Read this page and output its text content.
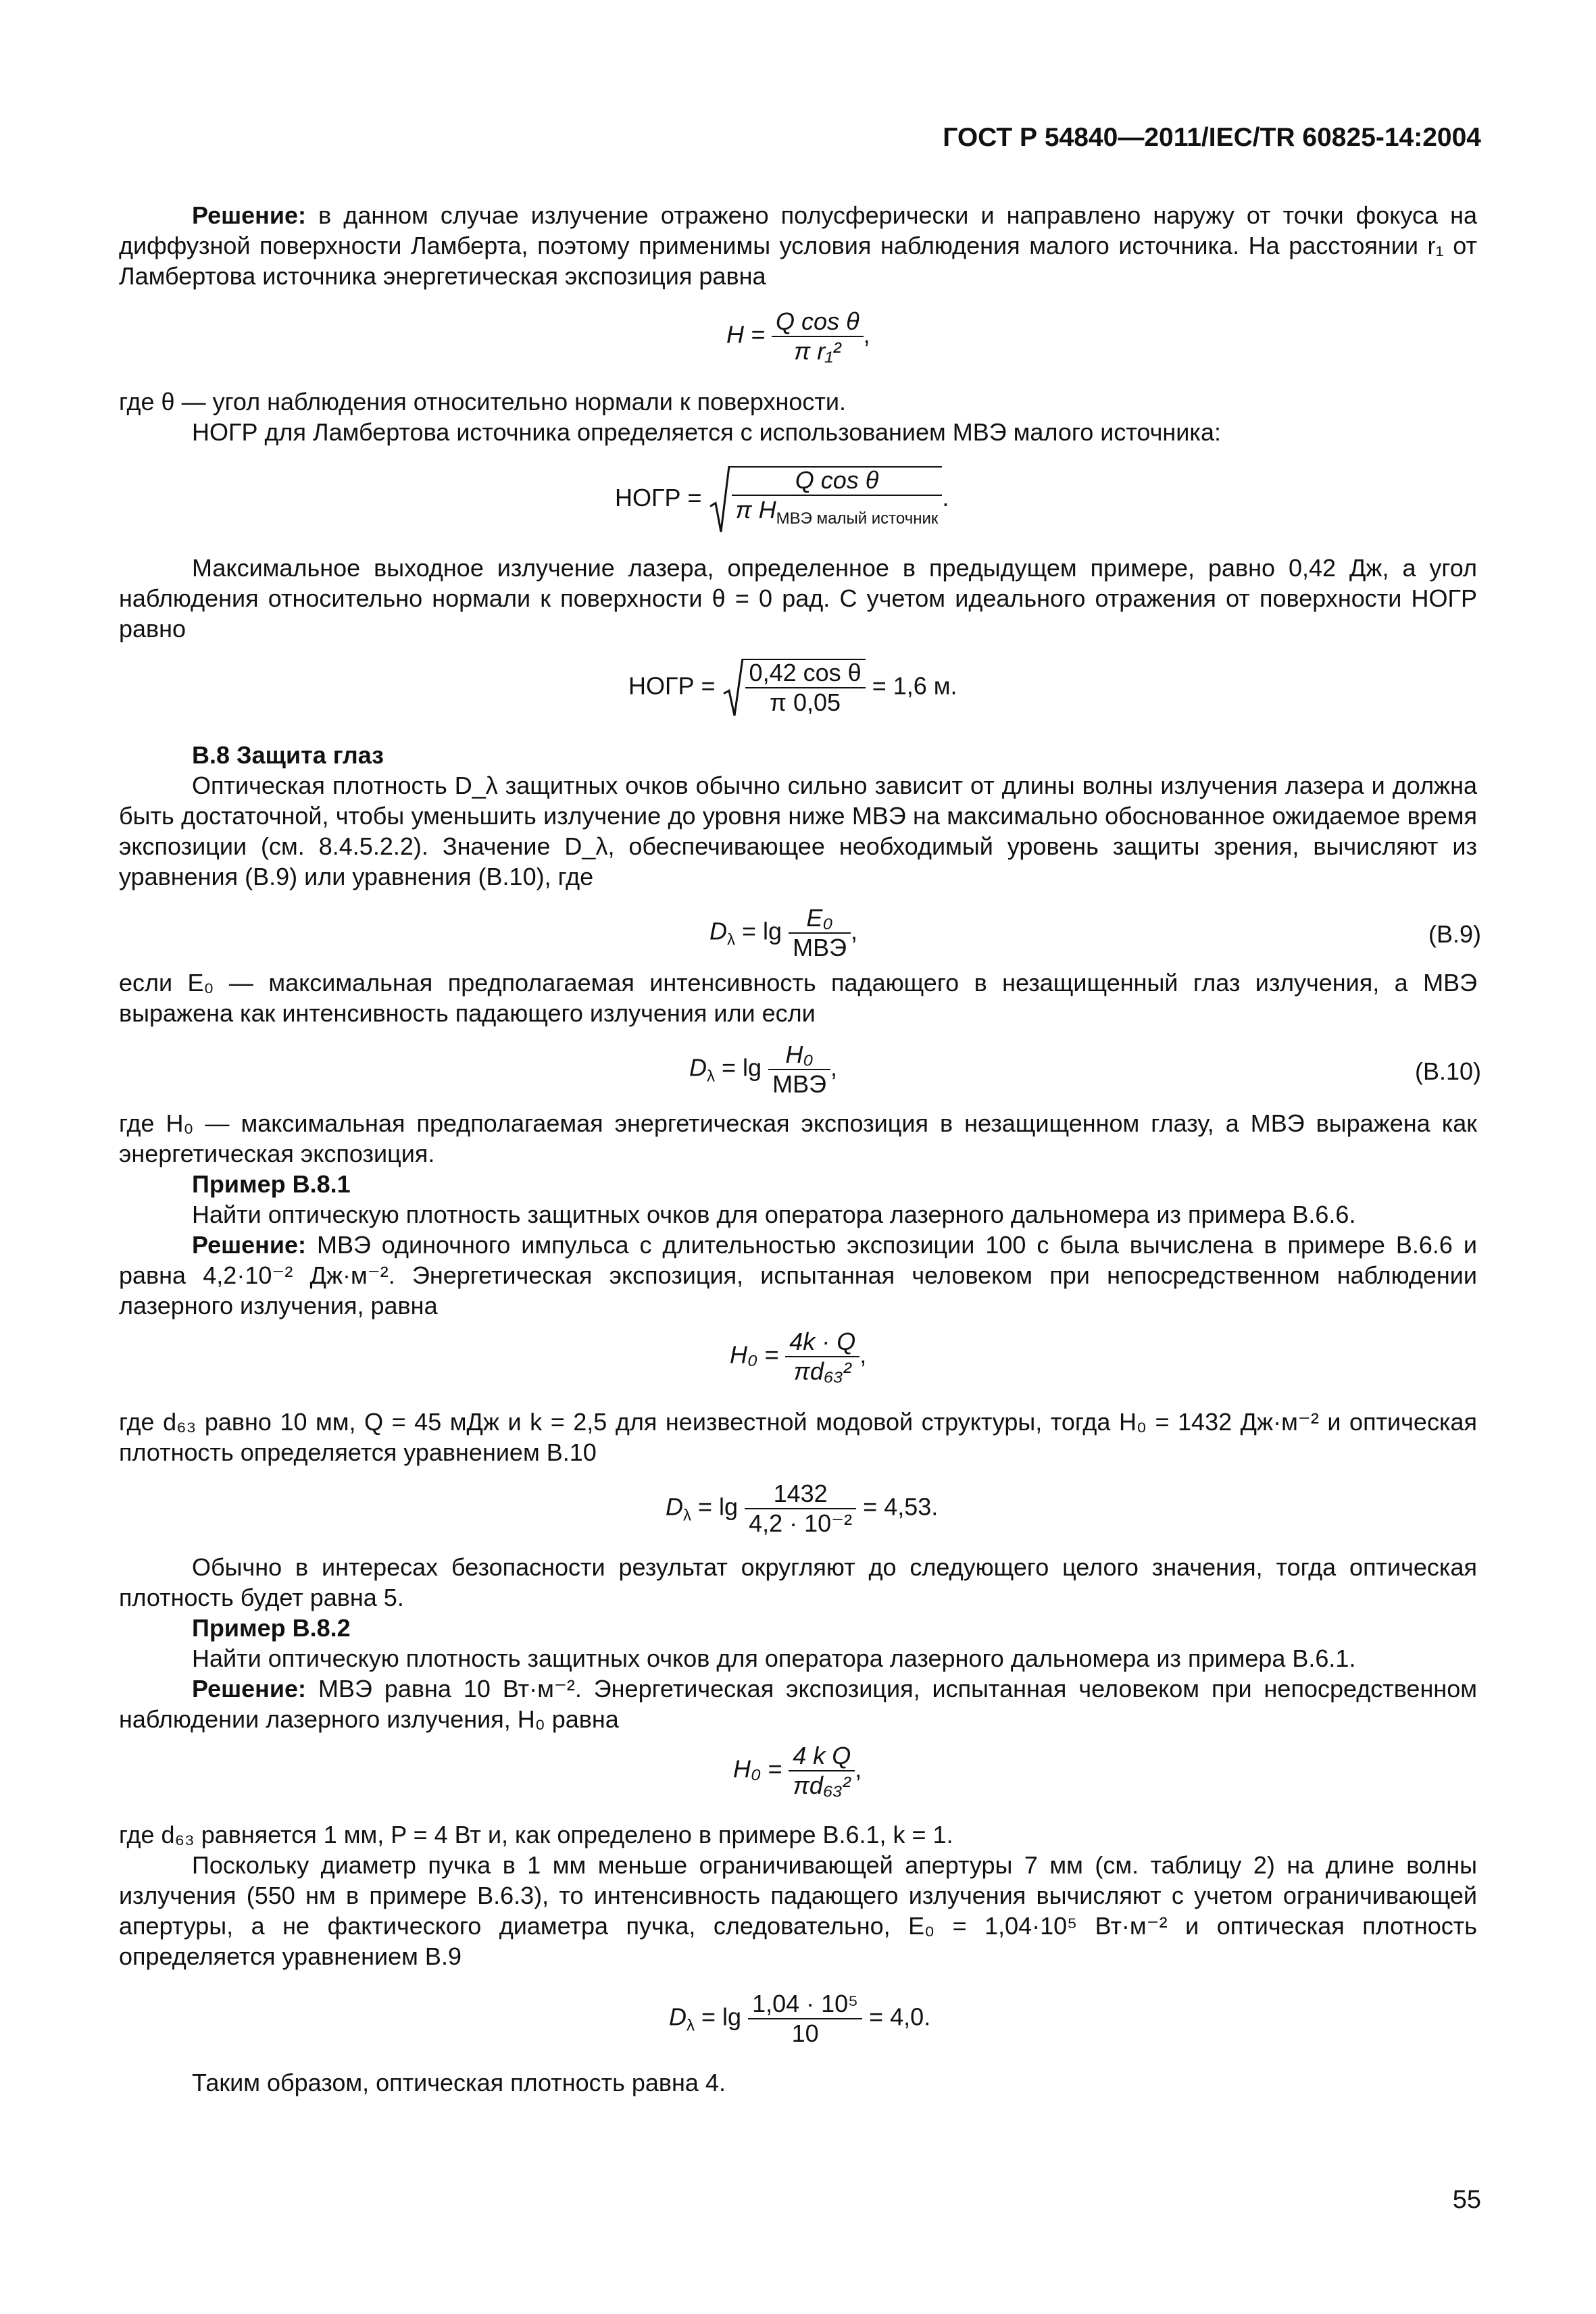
ГОСТ Р 54840—2011/IEC/TR 60825-14:2004

Решение: в данном случае излучение отражено полусферически и направлено наружу от точки фокуса на диффузной поверхности Ламберта, поэтому применимы условия наблюдения малого источника. На расстоянии r₁ от Ламбертова источника энергетическая экспозиция равна

$H = \frac{\text{Q cos θ}}{\text{π r₁²}}$ ,

где θ — угол наблюдения относительно нормали к поверхности.

НОГР для Ламбертова источника определяется с использованием МВЭ малого источника:

НОГР = $\frac{\text{Q cos θ}}{\pi H_{МВЭ малый источник}}$ .

Максимальное выходное излучение лазера, определенное в предыдущем примере, равно 0,42 Дж, а угол наблюдения относительно нормали к поверхности θ = 0 рад. С учетом идеального отражения от поверхности НОГР равно

НОГР = $\frac{\text{0,42 cos θ}}{\pi 0,05} = 1,6$ м.

В.8 Защита глаз

Оптическая плотность D_λ защитных очков обычно сильно зависит от длины волны излучения лазера и должна быть достаточной, чтобы уменьшить излучение до уровня ниже МВЭ на максимально обоснованное ожидаемое время экспозиции (см. 8.4.5.2.2). Значение D_λ, обеспечивающее необходимый уровень защиты зрения, вычисляют из уравнения (В.9) или уравнения (В.10), где

$D_\lambda = \lg \frac{\text{E₀}}{\text{МВЭ}}$ ,	(В.9)

если E₀ — максимальная предполагаемая интенсивность падающего в незащищенный глаз излучения, а МВЭ выражена как интенсивность падающего излучения или если

$D_\lambda = \lg \frac{\text{H₀}}{\text{МВЭ}}$ ,	(В.10)

где H₀ — максимальная предполагаемая энергетическая экспозиция в незащищенном глазу, а МВЭ выражена как энергетическая экспозиция.

Пример В.8.1

Найти оптическую плотность защитных очков для оператора лазерного дальномера из примера В.6.6.

Решение: МВЭ одиночного импульса с длительностью экспозиции 100 с была вычислена в примере В.6.6 и равна 4,2·10⁻² Дж·м⁻². Энергетическая экспозиция, испытанная человеком при непосредственном наблюдении лазерного излучения, равна

$H_0 = \frac{4k \cdot Q}{\text{πd₆₃²}}$ ,

где d₆₃ равно 10 мм, Q = 45 мДж и k = 2,5 для неизвестной модовой структуры, тогда H₀ = 1432 Дж·м⁻² и оптическая плотность определяется уравнением В.10

$D_\lambda = \lg \frac{1432}{\text{4,2 · 10⁻²}} = 4,53$.

Обычно в интересах безопасности результат округляют до следующего целого значения, тогда оптическая плотность будет равна 5.

Пример В.8.2

Найти оптическую плотность защитных очков для оператора лазерного дальномера из примера В.6.1.

Решение: МВЭ равна 10 Вт·м⁻². Энергетическая экспозиция, испытанная человеком при непосредственном наблюдении лазерного излучения, H₀ равна

$H_0 = \frac{\text{4 k Q}}{\text{πd₆₃²}}$ ,

где d₆₃ равняется 1 мм, P = 4 Вт и, как определено в примере В.6.1, k = 1.

Поскольку диаметр пучка в 1 мм меньше ограничивающей апертуры 7 мм (см. таблицу 2) на длине волны излучения (550 нм в примере В.6.3), то интенсивность падающего излучения вычисляют с учетом ограничивающей апертуры, а не фактического диаметра пучка, следовательно, E₀ = 1,04·10⁵ Вт·м⁻² и оптическая плотность определяется уравнением В.9

$D_\lambda = \lg \frac{\text{1,04 · 10⁵}}{10} = 4,0$.

Таким образом, оптическая плотность равна 4.

55
